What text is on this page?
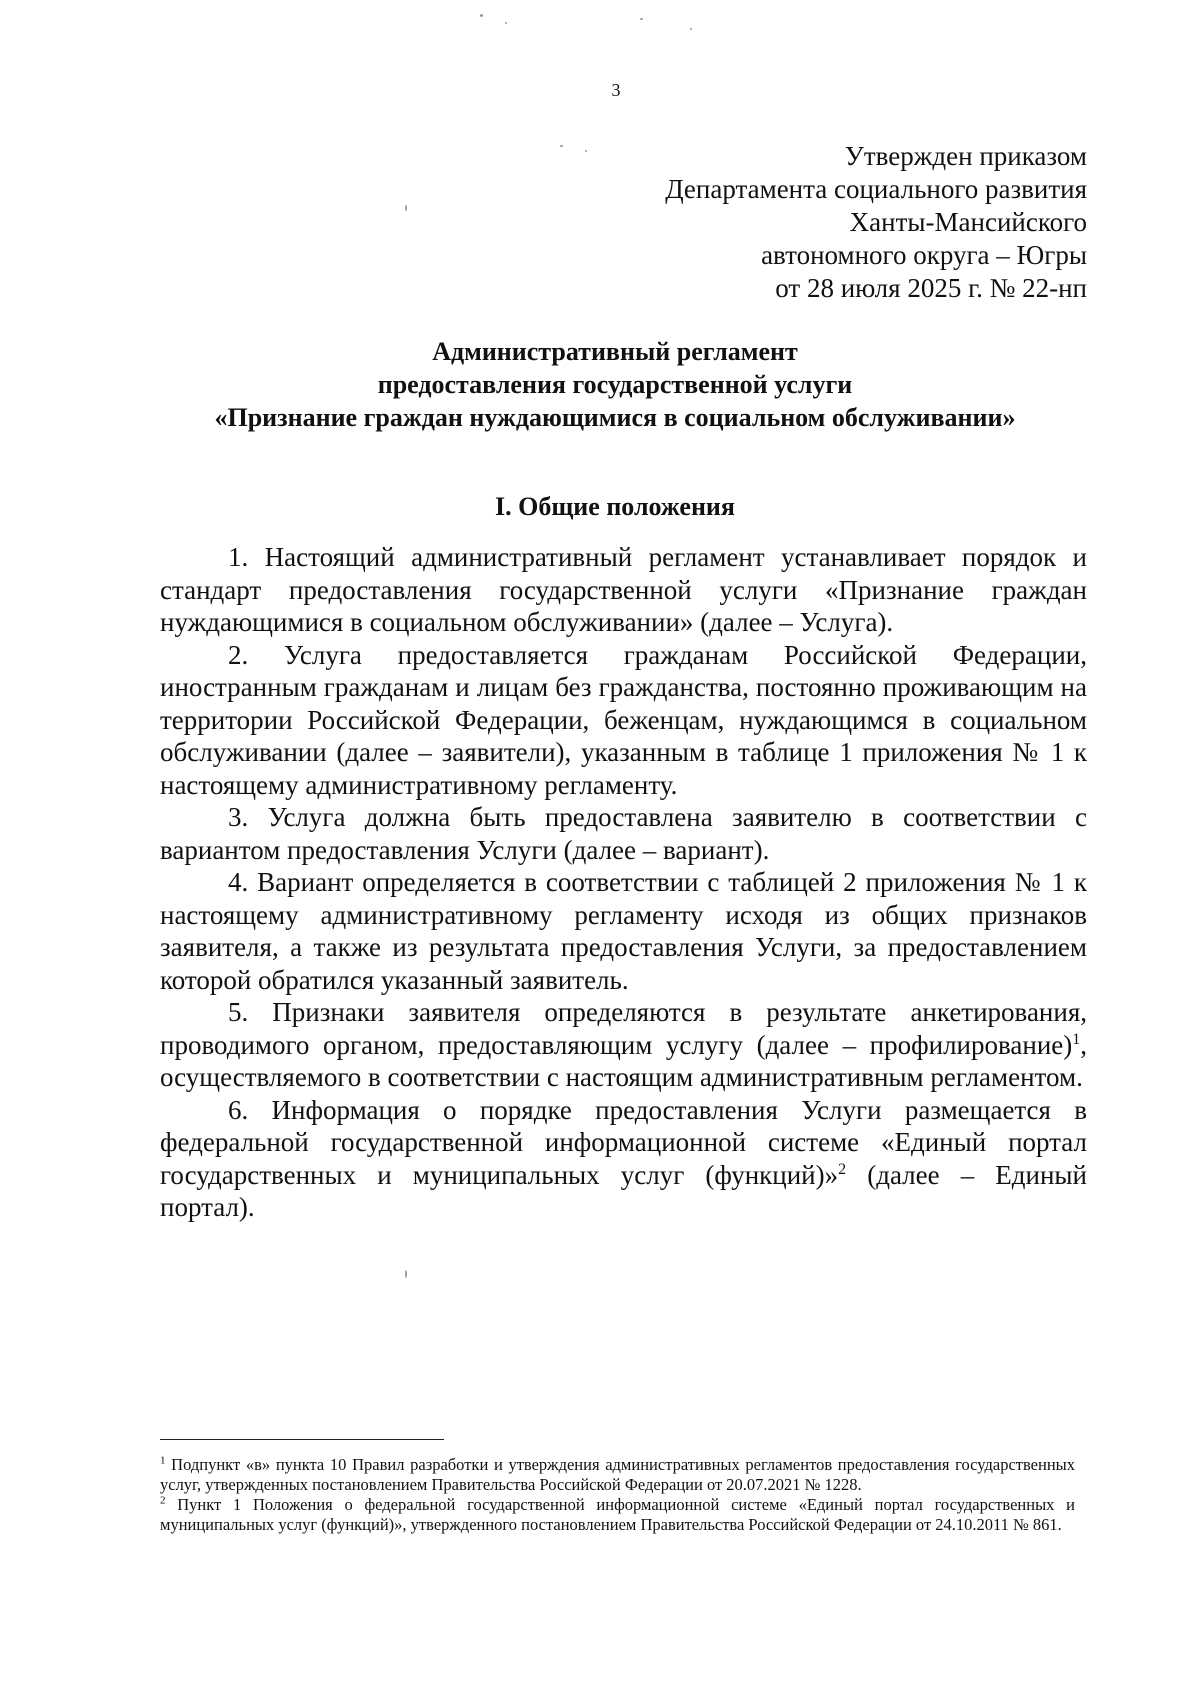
3
Утвержден приказом
Департамента социального развития
Ханты-Мансийского
автономного округа – Югры
от 28 июля 2025 г. № 22-нп
Административный регламент
предоставления государственной услуги
«Признание граждан нуждающимися в социальном обслуживании»
I. Общие положения

1. Настоящий административный регламент устанавливает порядок и стандарт предоставления государственной услуги «Признание граждан нуждающимися в социальном обслуживании» (далее – Услуга).

2. Услуга предоставляется гражданам Российской Федерации, иностранным гражданам и лицам без гражданства, постоянно проживающим на территории Российской Федерации, беженцам, нуждающимся в социальном обслуживании (далее – заявители), указанным в таблице 1 приложения № 1 к настоящему административному регламенту.

3. Услуга должна быть предоставлена заявителю в соответствии с вариантом предоставления Услуги (далее – вариант).

4. Вариант определяется в соответствии с таблицей 2 приложения № 1 к настоящему административному регламенту исходя из общих признаков заявителя, а также из результата предоставления Услуги, за предоставлением которой обратился указанный заявитель.

5. Признаки заявителя определяются в результате анкетирования, проводимого органом, предоставляющим услугу (далее – профилирование)$^1$, осуществляемого в соответствии с настоящим административным регламентом.

6. Информация о порядке предоставления Услуги размещается в федеральной государственной информационной системе «Единый портал государственных и муниципальных услуг (функций)»$^2$ (далее – Единый портал).

$^1$ Подпункт «в» пункта 10 Правил разработки и утверждения административных регламентов предоставления государственных услуг, утвержденных постановлением Правительства Российской Федерации от 20.07.2021 № 1228.

$^2$ Пункт 1 Положения о федеральной государственной информационной системе «Единый портал государственных и муниципальных услуг (функций)», утвержденного постановлением Правительства Российской Федерации от 24.10.2011 № 861.
